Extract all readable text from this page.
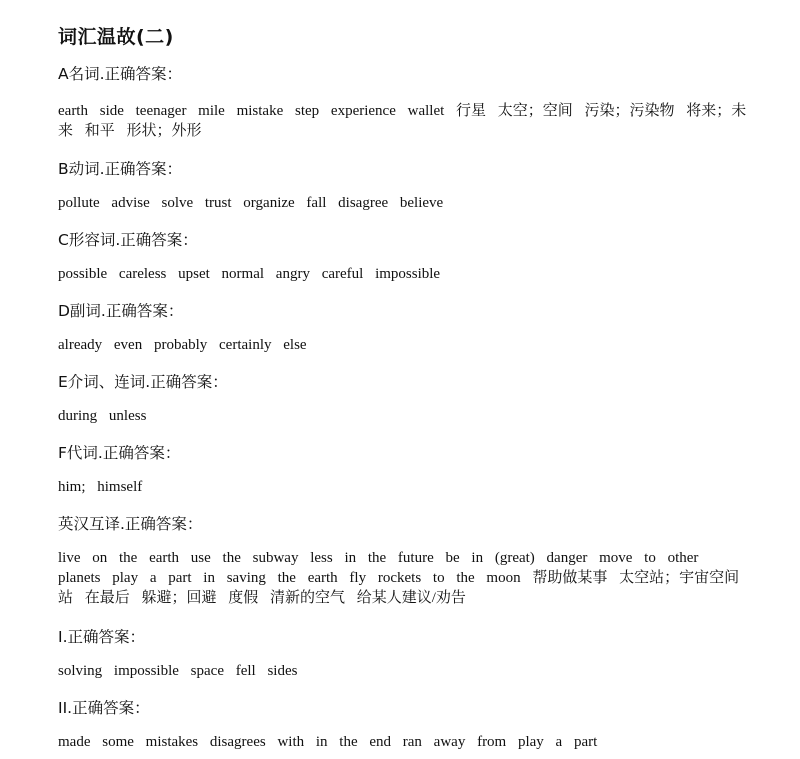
词汇温故(二)
A名词.正确答案：
earth side teenager mile mistake step experience wallet 行星 太空；空间 污染；污染物 将来；未来 和平 形状；外形
B动词.正确答案：
pollute advise solve trust organize fall disagree believe
C形容词.正确答案：
possible careless upset normal angry careful impossible
D副词.正确答案：
already even probably certainly else
E介词、连词.正确答案：
during unless
F代词.正确答案：
him; himself
英汉互译.正确答案：
live on the earth use the subway less in the future be in (great) danger move to other planets play a part in saving the earth fly rockets to the moon 帮助做某事 太空站；宇宙空间站 在最后 躲避；回避 度假 清新的空气 给某人建议/劝告
I.正确答案：
solving impossible space fell sides
II.正确答案：
made some mistakes disagrees with in the end ran away from play a part
